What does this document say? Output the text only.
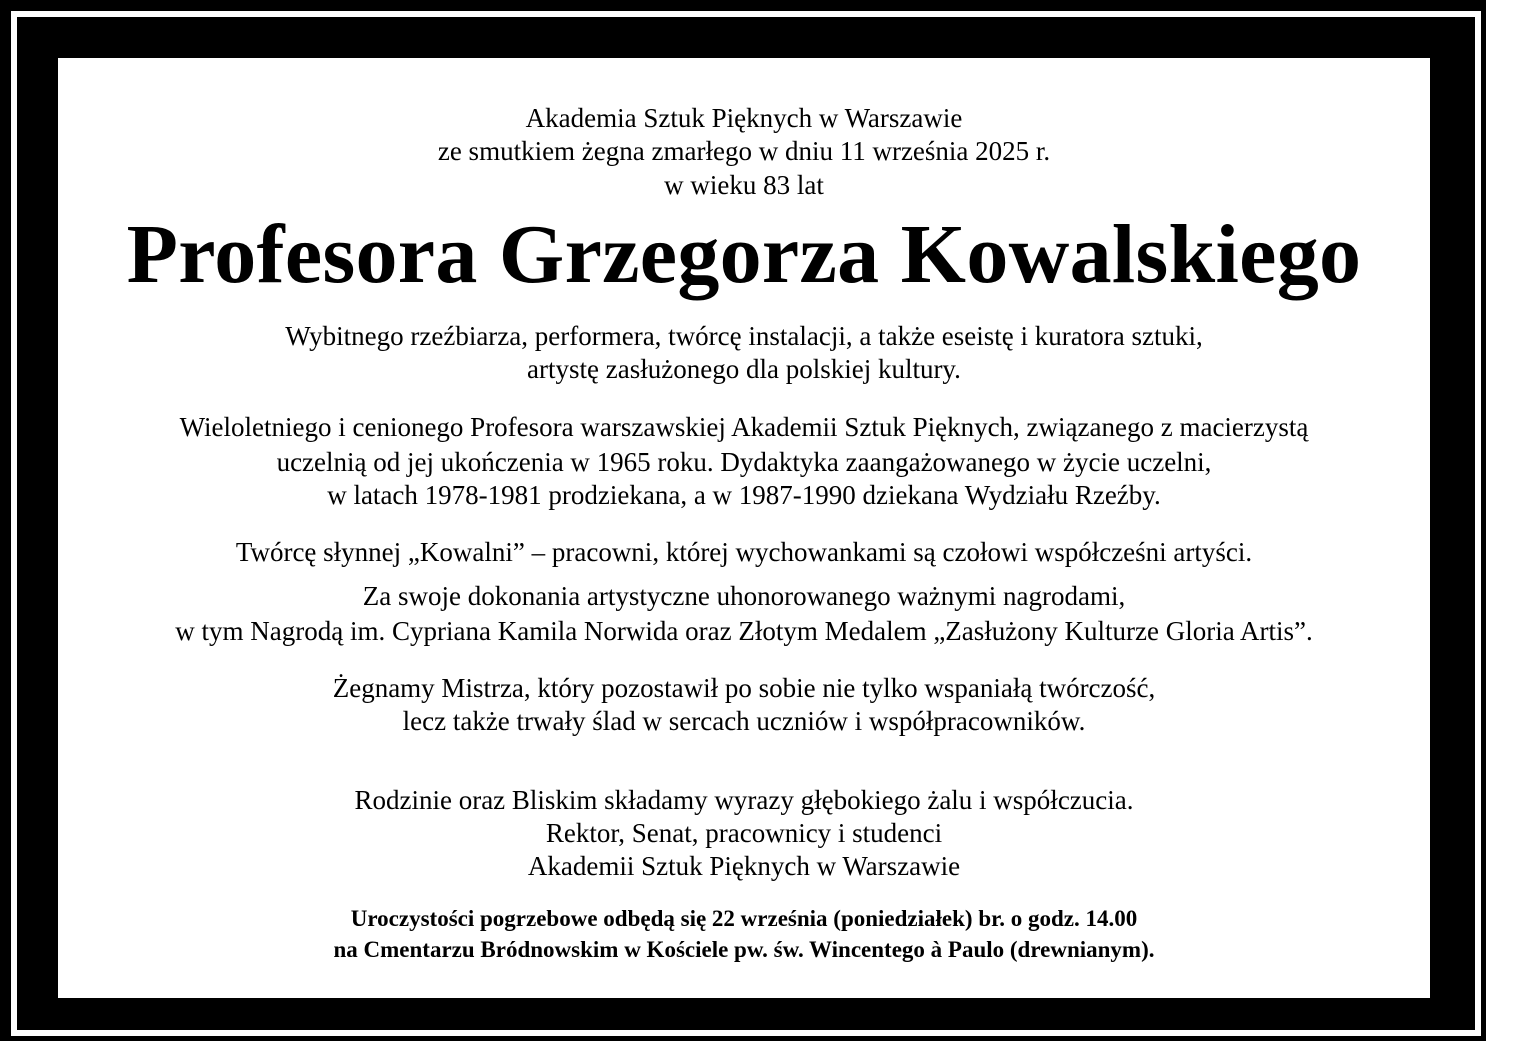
Akademia Sztuk Pięknych w Warszawie
ze smutkiem żegna zmarłego w dniu 11 września 2025 r.
w wieku 83 lat
Profesora Grzegorza Kowalskiego
Wybitnego rzeźbiarza, performera, twórcę instalacji, a także eseistę i kuratora sztuki,
artystę zasłużonego dla polskiej kultury.
Wieloletniego i cenionego Profesora warszawskiej Akademii Sztuk Pięknych, związanego z macierzystą
uczelnią od jej ukończenia w 1965 roku. Dydaktyka zaangażowanego w życie uczelni,
w latach 1978-1981 prodziekana, a w 1987-1990 dziekana Wydziału Rzeźby.
Twórcę słynnej „Kowalni” – pracowni, której wychowankami są czołowi współcześni artyści.
Za swoje dokonania artystyczne uhonorowanego ważnymi nagrodami,
w tym Nagrodą im. Cypriana Kamila Norwida oraz Złotym Medalem „Zasłużony Kulturze Gloria Artis”.
Żegnamy Mistrza, który pozostawił po sobie nie tylko wspaniałą twórczość,
lecz także trwały ślad w sercach uczniów i współpracowników.
Rodzinie oraz Bliskim składamy wyrazy głębokiego żalu i współczucia.
Rektor, Senat, pracownicy i studenci
Akademii Sztuk Pięknych w Warszawie
Uroczystości pogrzebowe odbędą się 22 września (poniedziałek) br. o godz. 14.00
na Cmentarzu Bródnowskim w Kościele pw. św. Wincentego à Paulo (drewnianym).
